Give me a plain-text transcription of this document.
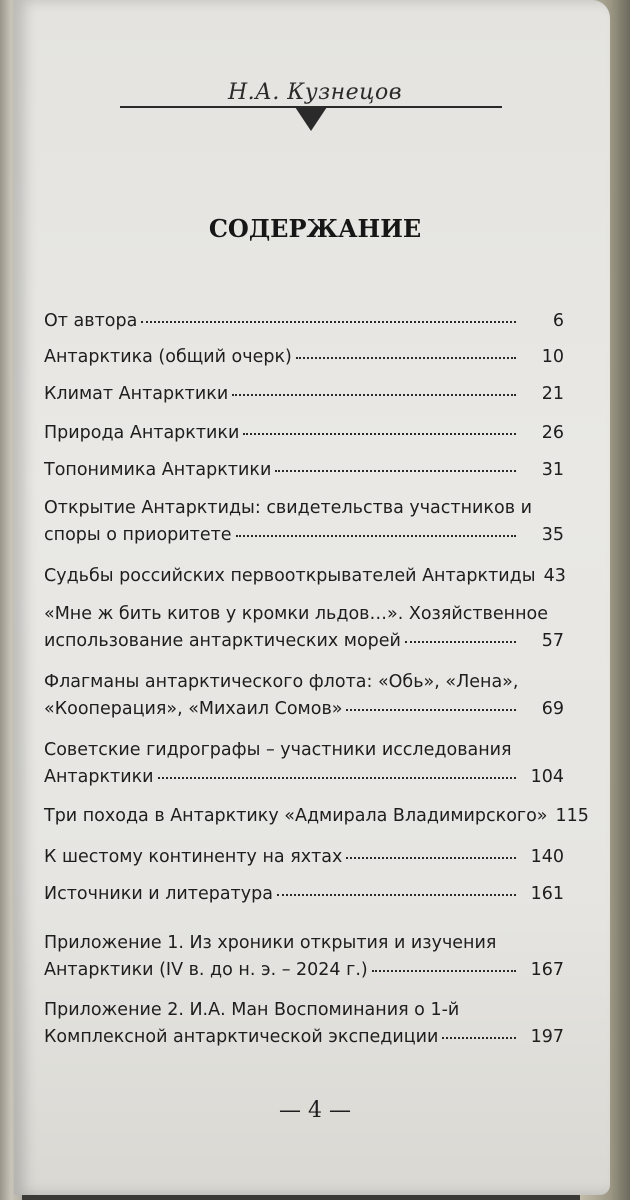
Н.А. Кузнецов
СОДЕРЖАНИЕ
От автора	6
Антарктика (общий очерк)	10
Климат Антарктики	21
Природа Антарктики	26
Топонимика Антарктики	31
Открытие Антарктиды: свидетельства участников и
споры о приоритете	35
Судьбы российских первооткрывателей Антарктиды 43
«Мне ж бить китов у кромки льдов…». Хозяйственное
использование антарктических морей	57
Флагманы антарктического флота: «Обь», «Лена»,
«Кооперация», «Михаил Сомов»	69
Советские гидрографы – участники исследования
Антарктики	104
Три похода в Антарктику «Адмирала Владимирского» 115
К шестому континенту на яхтах	140
Источники и литература	161
Приложение 1. Из хроники открытия и изучения
Антарктики (IV в. до н. э. – 2024 г.)	167
Приложение 2. И.А. Ман Воспоминания о 1-й
Комплексной антарктической экспедиции	197
— 4 —
